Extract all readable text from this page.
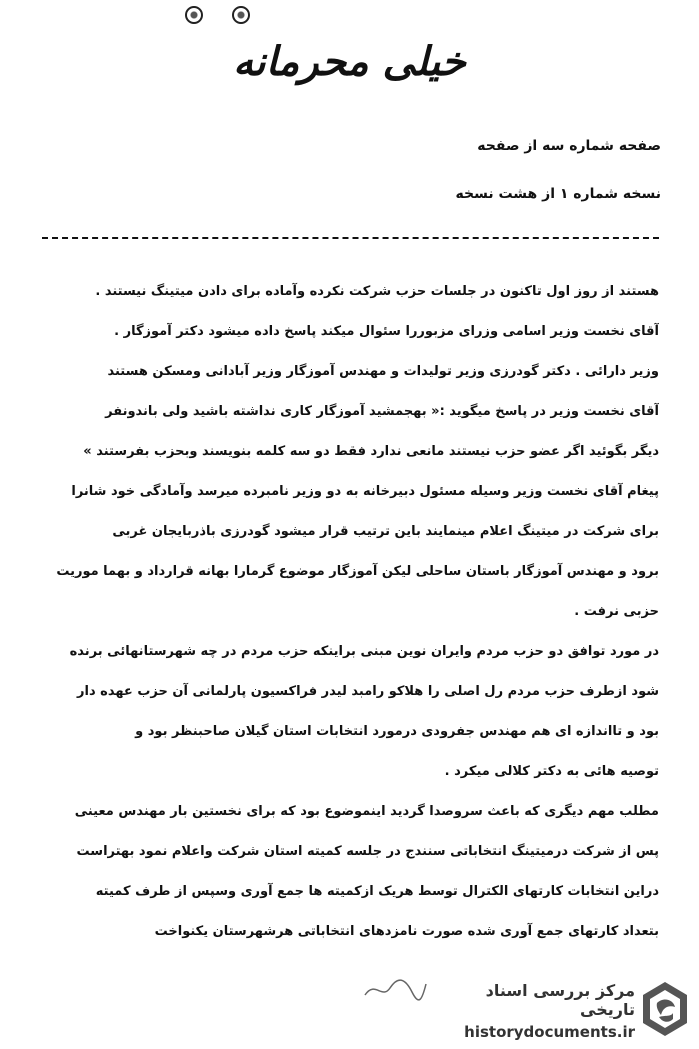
خیلی محرمانه
صفحه شماره سه از ‌‌‌‌‌‌‌صفحه
نسخه شماره ۱ از هشت نسخه

هستند از روز اول تاکنون در جلسات حزب شرکت نکرده وآماده برای دادن میتینگ نیستند .

آقای نخست وزیر اسامی وزرای مزبوررا سئوال میکند پاسخ داده میشود دکتر آموزگار .

وزیر دارائی . دکتر گودرزی وزیر تولیدات و مهندس آموزگار وزیر آبادانی ومسکن هستند

آقای نخست وزیر در پاسخ میگوید :« بهجمشید آموزگار کاری نداشته باشید ولی باندونفر

دیگر بگوئید اگر عضو حزب نیستند مانعی ندارد فقط دو سه کلمه بنویسند وبحزب بفرستند »

پیغام آقای نخست وزیر وسیله مسئول دبیرخانه به دو وزیر نامبرده میرسد وآمادگی خود شانرا

برای شرکت در میتینگ اعلام مینمایند باین ترتیب قرار میشود گودرزی باذربایجان غربی

برود و مهندس آموزگار باستان ساحلی لیکن آموزگار موضوع گرمارا بهانه قرارداد و بهما موریت

حزبی نرفت .

در مورد توافق دو حزب مردم وایران نوین مبنی براینکه حزب مردم در چه شهرستانهائی برنده

شود ازطرف حزب مردم رل اصلی را هلاکو رامبد لیدر فراکسیون پارلمانی آن حزب عهده دار

بود و تااندازه ای هم مهندس جفرودی درمورد انتخابات استان گیلان صاحبنظر بود و

توصیه هائی به دکتر کلالی میکرد .

مطلب مهم دیگری که باعث سروصدا گردید اینموضوع بود که برای نخستین بار مهندس معینی

پس از شرکت درمیتینگ انتخاباتی سنندج در جلسه کمیته استان شرکت واعلام نمود بهتراست

دراین انتخابات کارتهای الکترال توسط هریک ازکمیته ها جمع آوری وسپس از طرف کمیته

بتعداد کارتهای جمع آوری شده صورت نامزدهای انتخاباتی هرشهرستان یکنواخت

مرکز بررسی اسناد تاریخی
historydocuments.ir
